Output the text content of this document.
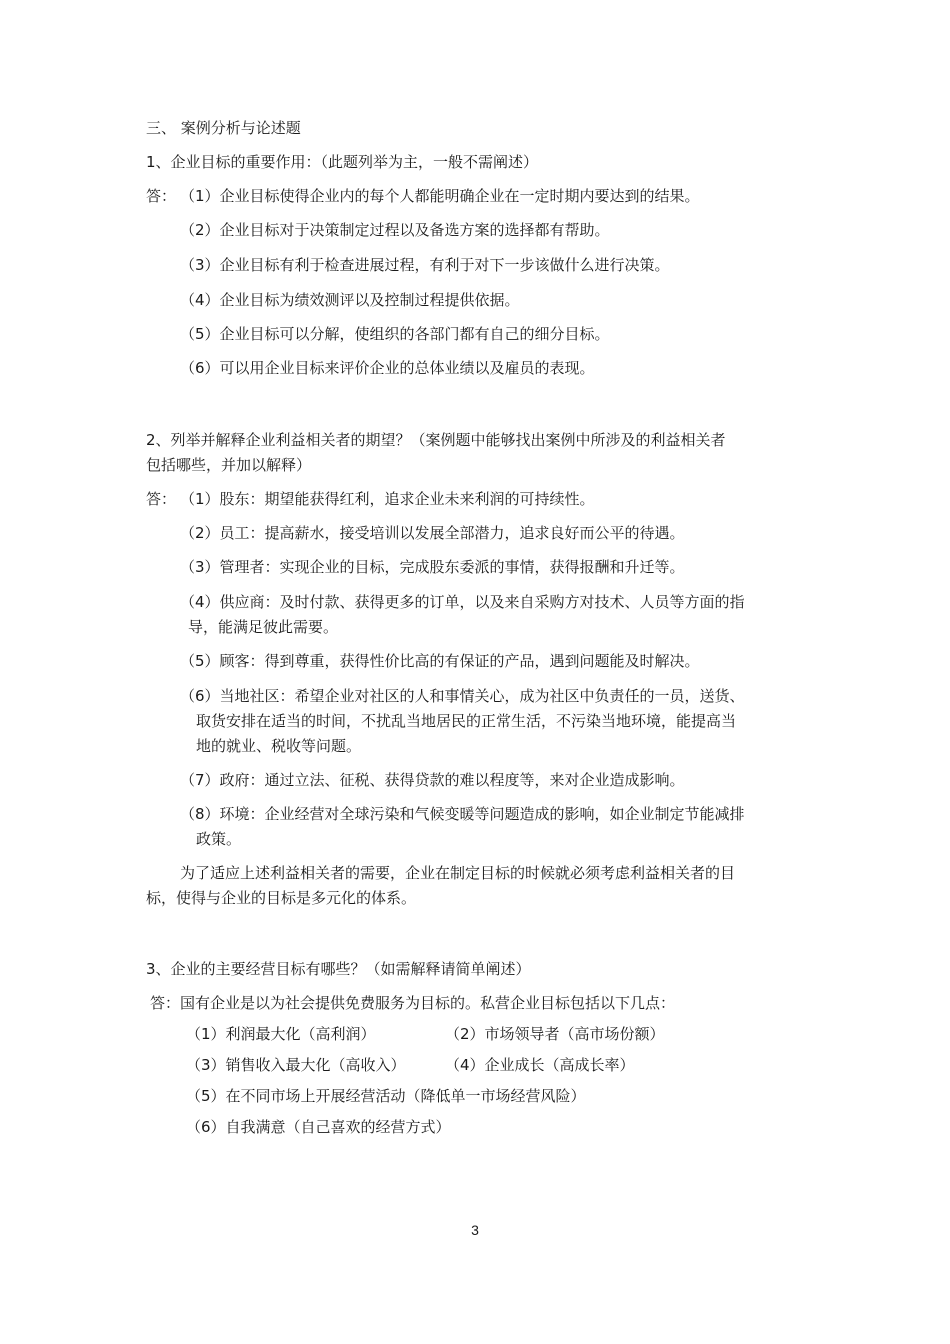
三、 案例分析与论述题
1、企业目标的重要作用：（此题列举为主，一般不需阐述）
答： （1）企业目标使得企业内的每个人都能明确企业在一定时期内要达到的结果。
（2）企业目标对于决策制定过程以及备选方案的选择都有帮助。
（3）企业目标有利于检查进展过程，有利于对下一步该做什么进行决策。
（4）企业目标为绩效测评以及控制过程提供依据。
（5）企业目标可以分解，使组织的各部门都有自己的细分目标。
（6）可以用企业目标来评价企业的总体业绩以及雇员的表现。
2、列举并解释企业利益相关者的期望？（案例题中能够找出案例中所涉及的利益相关者
包括哪些，并加以解释）
答： （1）股东：期望能获得红利，追求企业未来利润的可持续性。
（2）员工：提高薪水，接受培训以发展全部潜力，追求良好而公平的待遇。
（3）管理者：实现企业的目标，完成股东委派的事情，获得报酬和升迁等。
（4）供应商：及时付款、获得更多的订单，以及来自采购方对技术、人员等方面的指
导，能满足彼此需要。
（5）顾客：得到尊重，获得性价比高的有保证的产品，遇到问题能及时解决。
（6）当地社区：希望企业对社区的人和事情关心，成为社区中负责任的一员，送货、
取货安排在适当的时间，不扰乱当地居民的正常生活，不污染当地环境，能提高当
地的就业、税收等问题。
（7）政府：通过立法、征税、获得贷款的难以程度等，来对企业造成影响。
（8）环境：企业经营对全球污染和气候变暖等问题造成的影响，如企业制定节能减排
政策。
为了适应上述利益相关者的需要，企业在制定目标的时候就必须考虑利益相关者的目
标，使得与企业的目标是多元化的体系。
3、企业的主要经营目标有哪些？（如需解释请简单阐述）
答：国有企业是以为社会提供免费服务为目标的。私营企业目标包括以下几点：
（1）利润最大化（高利润）	（2）市场领导者（高市场份额）
（3）销售收入最大化（高收入）	（4）企业成长（高成长率）
（5）在不同市场上开展经营活动（降低单一市场经营风险）
（6）自我满意（自己喜欢的经营方式）
3
